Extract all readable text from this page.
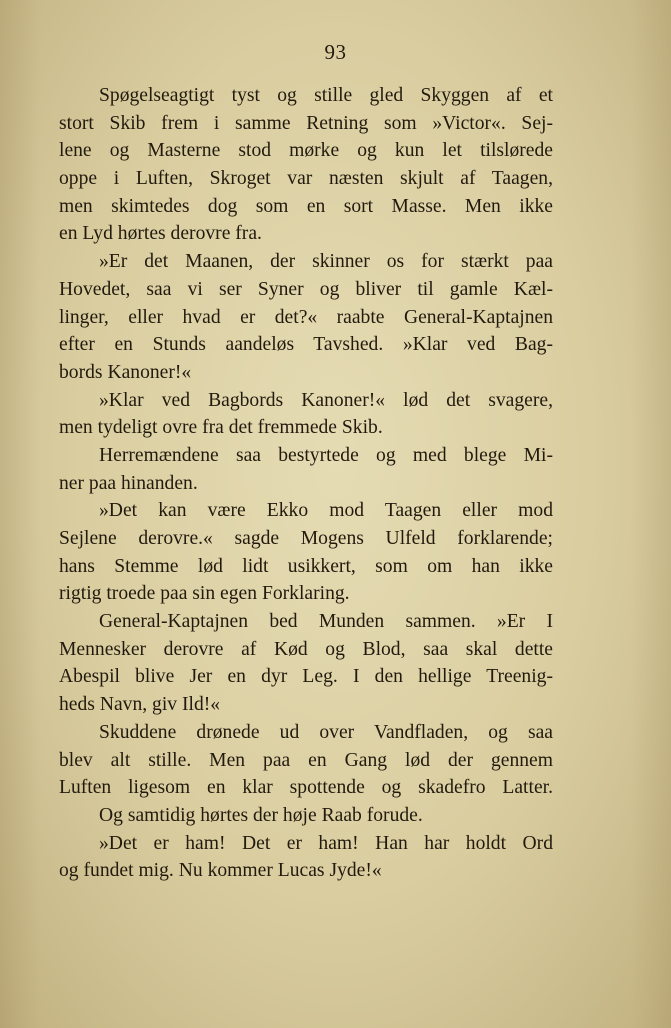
93
Spøgelseagtigt tyst og stille gled Skyggen af et
stort Skib frem i samme Retning som »Victor«. Sej-
lene og Masterne stod mørke og kun let tilslørede
oppe i Luften, Skroget var næsten skjult af Taagen,
men skimtedes dog som en sort Masse. Men ikke
en Lyd hørtes derovre fra.
»Er det Maanen, der skinner os for stærkt paa
Hovedet, saa vi ser Syner og bliver til gamle Kæl-
linger, eller hvad er det?« raabte General-Kaptajnen
efter en Stunds aandeløs Tavshed. »Klar ved Bag-
bords Kanoner!«
»Klar ved Bagbords Kanoner!« lød det svagere,
men tydeligt ovre fra det fremmede Skib.
Herremændene saa bestyrtede og med blege Mi-
ner paa hinanden.
»Det kan være Ekko mod Taagen eller mod
Sejlene derovre.« sagde Mogens Ulfeld forklarende;
hans Stemme lød lidt usikkert, som om han ikke
rigtig troede paa sin egen Forklaring.
General-Kaptajnen bed Munden sammen. »Er I
Mennesker derovre af Kød og Blod, saa skal dette
Abespil blive Jer en dyr Leg. I den hellige Treenig-
heds Navn, giv Ild!«
Skuddene drønede ud over Vandfladen, og saa
blev alt stille. Men paa en Gang lød der gennem
Luften ligesom en klar spottende og skadefro Latter.
Og samtidig hørtes der høje Raab forude.
»Det er ham! Det er ham! Han har holdt Ord
og fundet mig. Nu kommer Lucas Jyde!«
